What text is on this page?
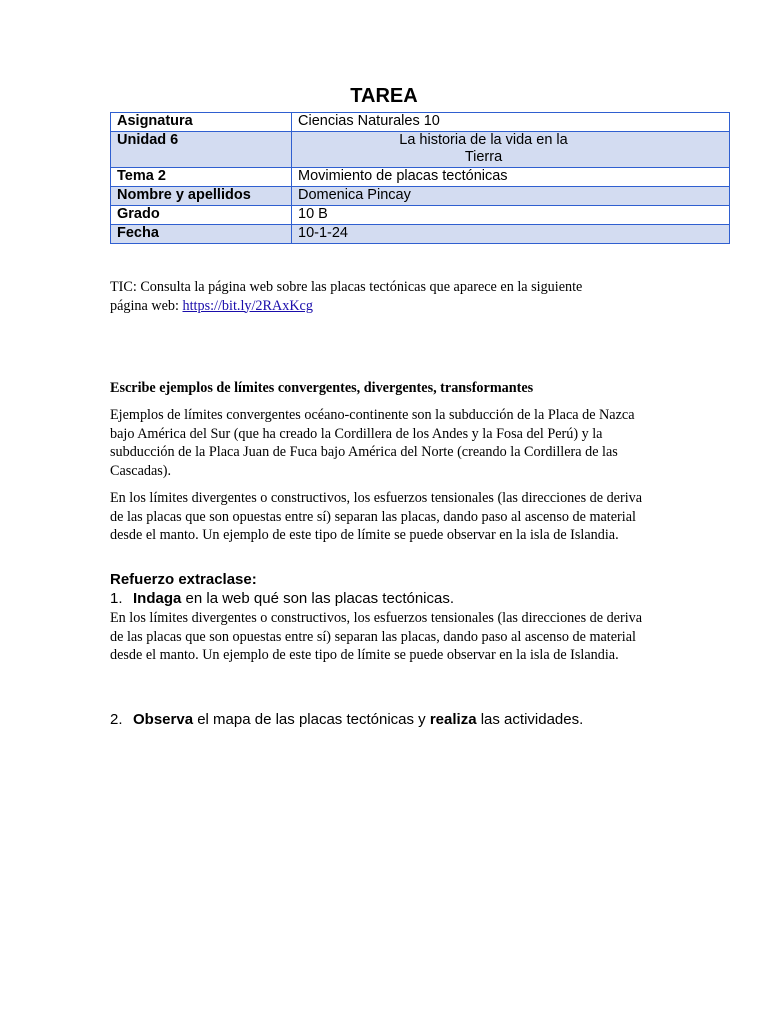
TAREA
Asignatura	Ciencias Naturales 10
Unidad 6	La historia de la vida en la
Tierra

Tema 2	Movimiento de placas tectónicas
Nombre y apellidos	Domenica Pincay
Grado	10 B
Fecha	10-1-24
TIC: Consulta la página web sobre las placas tectónicas que aparece en la siguiente
página web: https://bit.ly/2RAxKcg
Escribe ejemplos de límites convergentes, divergentes, transformantes
Ejemplos de límites convergentes océano-continente son la subducción de la Placa de Nazca bajo América del Sur (que ha creado la Cordillera de los Andes y la Fosa del Perú) y la subducción de la Placa Juan de Fuca bajo América del Norte (creando la Cordillera de las Cascadas).
En los límites divergentes o constructivos, los esfuerzos tensionales (las direcciones de deriva de las placas que son opuestas entre sí) separan las placas, dando paso al ascenso de material desde el manto. Un ejemplo de este tipo de límite se puede observar en la isla de Islandia.
Refuerzo extraclase:
1. Indaga en la web qué son las placas tectónicas.
En los límites divergentes o constructivos, los esfuerzos tensionales (las direcciones de deriva de las placas que son opuestas entre sí) separan las placas, dando paso al ascenso de material desde el manto. Un ejemplo de este tipo de límite se puede observar en la isla de Islandia.
2. Observa el mapa de las placas tectónicas y realiza las actividades.
